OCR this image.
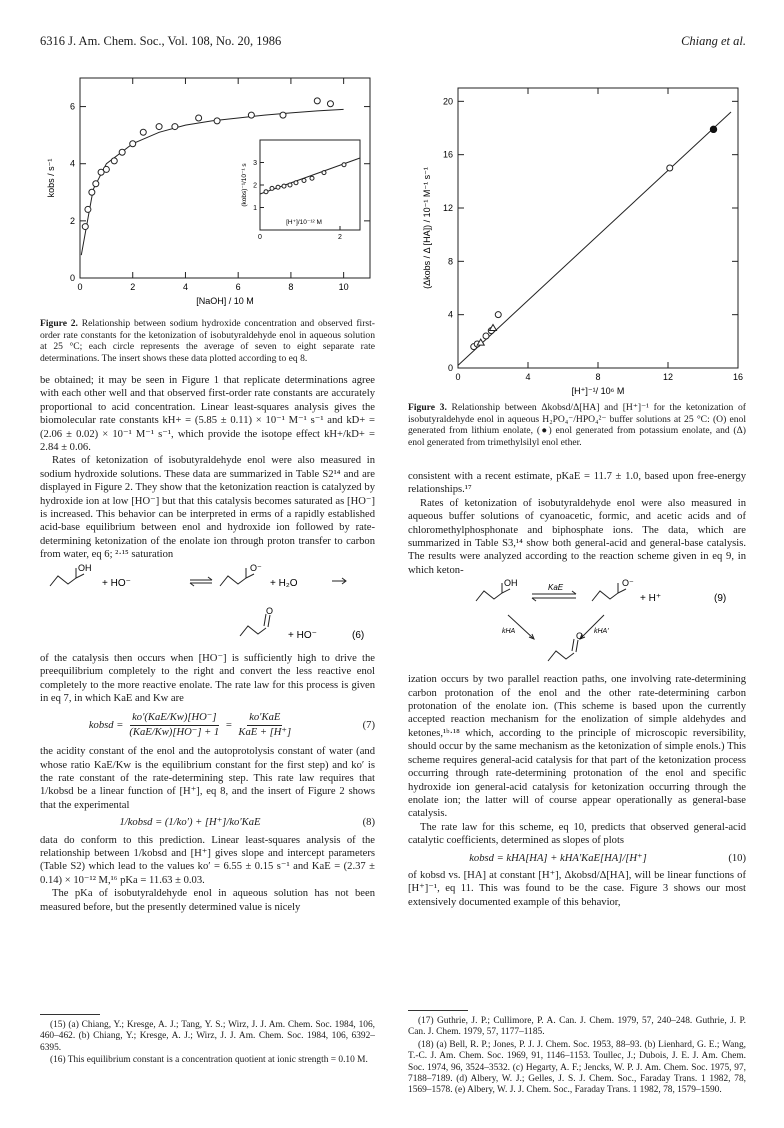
6316 J. Am. Chem. Soc., Vol. 108, No. 20, 1986	Chiang et al.
0	2	4	6	8	10
0
2
4
6
kobs / s⁻¹
[NaOH] / 10 M
0	2
1
2
3
(kobs)⁻¹/10⁻¹ s
[H⁺]/10⁻¹² M
Figure 2. Relationship between sodium hydroxide concentration and observed first-order rate constants for the ketonization of isobutyraldehyde enol in aqueous solution at 25 °C; each circle represents the average of seven to eight separate rate determinations. The insert shows these data plotted according to eq 8.
0	4	8	12	16
0
4
8
12
16
20
(Δkobs / Δ [HA]) / 10⁻¹ M⁻¹ s⁻¹
[H⁺]⁻¹/ 10⁶ M
Figure 3. Relationship between Δkobsd/Δ[HA] and [H⁺]⁻¹ for the ketonization of isobutyraldehyde enol in aqueous H₂PO₄⁻/HPO₄²⁻ buffer solutions at 25 °C: (O) enol generated from lithium enolate, (●) enol generated from potassium enolate, and (Δ) enol generated from trimethylsilyl enol ether.

be obtained; it may be seen in Figure 1 that replicate determinations agree with each other well and that observed first-order rate constants are accurately proportional to acid concentration. Linear least-squares analysis gives the biomolecular rate constants kH+ = (5.85 ± 0.11) × 10⁻¹ M⁻¹ s⁻¹ and kD+ = (2.06 ± 0.02) × 10⁻¹ M⁻¹ s⁻¹, which provide the isotope effect kH+/kD+ = 2.84 ± 0.06.

Rates of ketonization of isobutyraldehyde enol were also measured in sodium hydroxide solutions. These data are summarized in Table S2¹⁴ and are displayed in Figure 2. They show that the ketonization reaction is catalyzed by hydroxide ion at low [HO⁻] but that this catalysis becomes saturated as [HO⁻] is increased. This behavior can be interpreted in erms of a rapidly established acid-base equilibrium between enol and hydroxide ion followed by rate-determining ketonization of the enolate ion through proton transfer to carbon from water, eq 6; ²·¹⁵ saturation

OH	O⁻
O
+ HO⁻	+ H₂O
+ HO⁻	(6)

of the catalysis then occurs when [HO⁻] is sufficiently high to drive the preequilibrium completely to the right and convert the less reactive enol completely to the more reactive enolate. The rate law for this process is given in eq 7, in which KaE and Kw are

kobsd =
ko′(KaE/Kw)[HO⁻]
(KaE/Kw)[HO⁻] + 1
=
ko′KaE
KaE + [H⁺]
(7)

the acidity constant of the enol and the autoprotolysis constant of water (and whose ratio KaE/Kw is the equilibrium constant for the first step) and ko′ is the rate constant of the rate-determining step. This rate law requires that 1/kobsd be a linear function of [H⁺], eq 8, and the insert of Figure 2 shows that the experimental

1/kobsd = (1/ko′) + [H⁺]/ko′KaE	(8)

data do conform to this prediction. Linear least-squares analysis of the relationship between 1/kobsd and [H⁺] gives slope and intercept parameters (Table S2) which lead to the values ko′ = 6.55 ± 0.15 s⁻¹ and KaE = (2.37 ± 0.14) × 10⁻¹² M,¹⁶ pKa = 11.63 ± 0.03.

The pKa of isobutyraldehyde enol in aqueous solution has not been measured before, but the presently determined value is nicely

(15) (a) Chiang, Y.; Kresge, A. J.; Tang, Y. S.; Wirz, J. J. Am. Chem. Soc. 1984, 106, 460–462. (b) Chiang, Y.; Kresge, A. J.; Wirz, J. J. Am. Chem. Soc. 1984, 106, 6392–6395.

(16) This equilibrium constant is a concentration quotient at ionic strength = 0.10 M.

consistent with a recent estimate, pKaE = 11.7 ± 1.0, based upon free-energy relationships.¹⁷

Rates of ketonization of isobutyraldehyde enol were also measured in aqueous buffer solutions of cyanoacetic, formic, and acetic acids and of chloromethylphosphonate and biphosphate ions. The data, which are summarized in Table S3,¹⁴ show both general-acid and general-base catalysis. The results were analyzed according to the reaction scheme given in eq 9, in which keton-

OH	O⁻
KaE
+ H⁺	(9)
kHA	kHA′
O

ization occurs by two parallel reaction paths, one involving rate-determining carbon protonation of the enol and the other rate-determining carbon protonation of the enolate ion. (This scheme is based upon the currently accepted reaction mechanism for the enolization of simple aldehydes and ketones,¹ᵇ·¹⁸ which, according to the principle of microscopic reversibility, should occur by the same mechanism as the ketonization of simple enols.) This scheme requires general-acid catalysis for that part of the ketonization process occurring through rate-determining protonation of the enol and specific hydroxide ion general-acid catalysis for ketonization occurring through the enolate ion; the latter will of course appear operationally as general-base catalysis.

The rate law for this scheme, eq 10, predicts that observed general-acid catalytic coefficients, determined as slopes of plots

kobsd = kHA[HA] + kHA′KaE[HA]/[H⁺]	(10)

of kobsd vs. [HA] at constant [H⁺], Δkobsd/Δ[HA], will be linear functions of [H⁺]⁻¹, eq 11. This was found to be the case. Figure 3 shows our most extensively documented example of this behavior,

(17) Guthrie, J. P.; Cullimore, P. A. Can. J. Chem. 1979, 57, 240–248. Guthrie, J. P. Can. J. Chem. 1979, 57, 1177–1185.

(18) (a) Bell, R. P.; Jones, P. J. J. Chem. Soc. 1953, 88–93. (b) Lienhard, G. E.; Wang, T.-C. J. Am. Chem. Soc. 1969, 91, 1146–1153. Toullec, J.; Dubois, J. E. J. Am. Chem. Soc. 1974, 96, 3524–3532. (c) Hegarty, A. F.; Jencks, W. P. J. Am. Chem. Soc. 1975, 97, 7188–7189. (d) Albery, W. J.; Gelles, J. S. J. Chem. Soc., Faraday Trans. 1 1982, 78, 1569–1578. (e) Albery, W. J. J. Chem. Soc., Faraday Trans. 1 1982, 78, 1579–1590.
